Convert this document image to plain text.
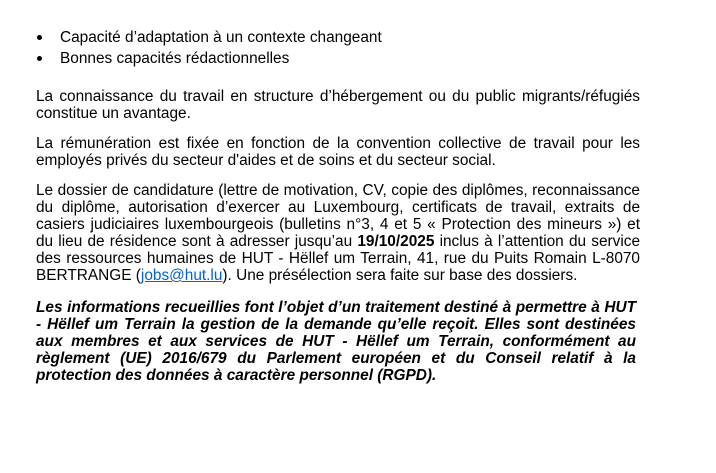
Capacité d’adaptation à un contexte changeant
Bonnes capacités rédactionnelles

La connaissance du travail en structure d’hébergement ou du public migrants/réfugiés constitue un avantage.

La rémunération est fixée en fonction de la convention collective de travail pour les employés privés du secteur d'aides et de soins et du secteur social.

Le dossier de candidature (lettre de motivation, CV, copie des diplômes, reconnaissance du diplôme, autorisation d’exercer au Luxembourg, certificats de travail, extraits de casiers judiciaires luxembourgeois (bulletins n°3, 4 et 5 « Protection des mineurs ») et du lieu de résidence sont à adresser jusqu’au 19/10/2025 inclus à l’attention du service des ressources humaines de HUT - Hëllef um Terrain, 41, rue du Puits Romain L-8070 BERTRANGE (jobs@hut.lu). Une présélection sera faite sur base des dossiers.

Les informations recueillies font l’objet d’un traitement destiné à permettre à HUT - Hëllef um Terrain la gestion de la demande qu’elle reçoit. Elles sont destinées aux membres et aux services de HUT - Hëllef um Terrain, conformément au règlement (UE) 2016/679 du Parlement européen et du Conseil relatif à la protection des données à caractère personnel (RGPD).
